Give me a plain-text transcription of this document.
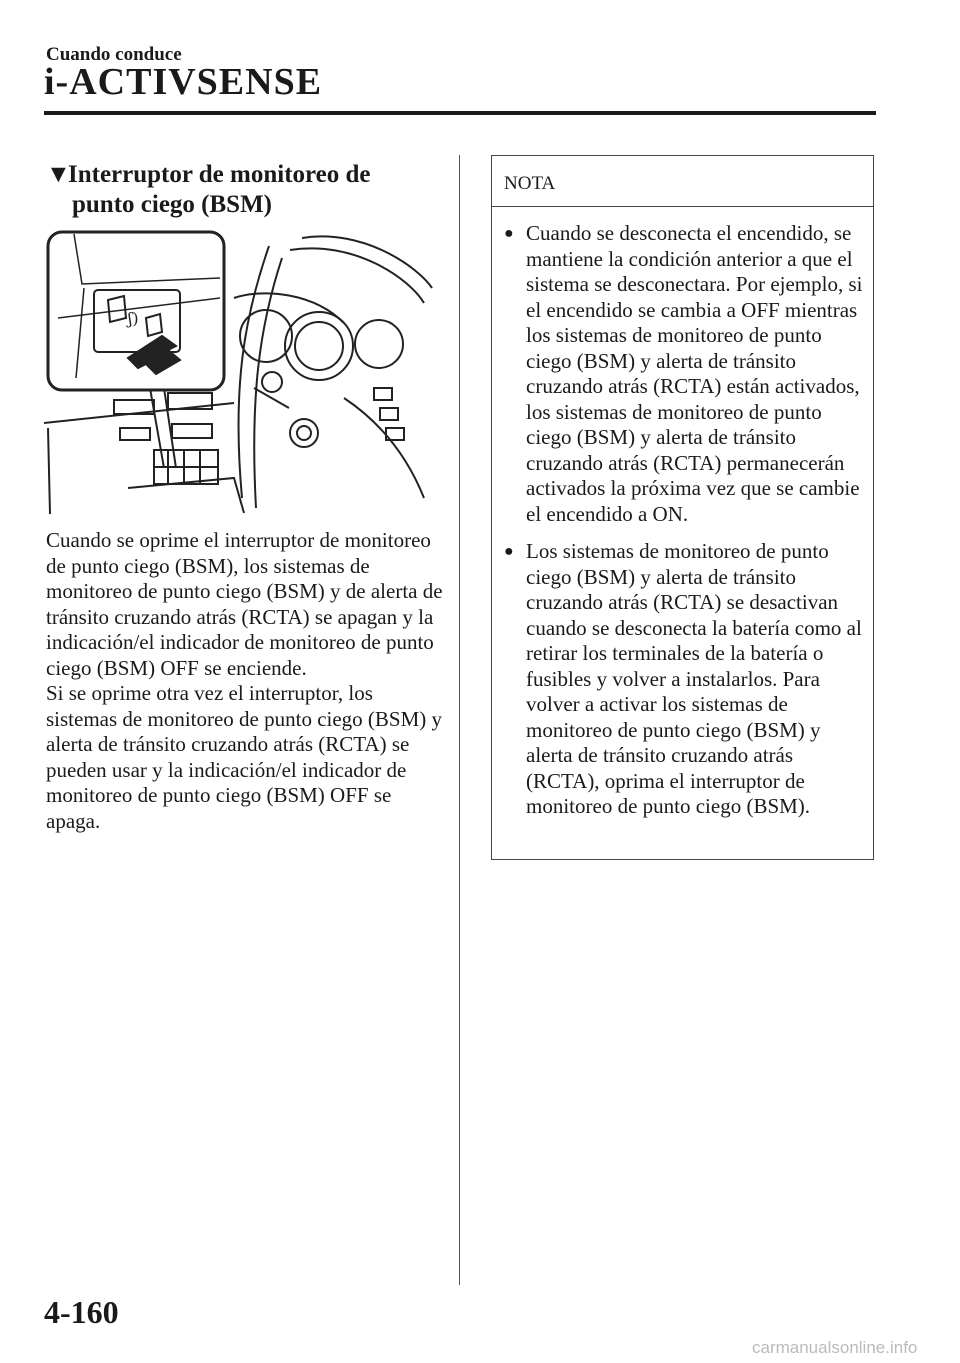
Cuando conduce
i-ACTIVSENSE
▼Interruptor de monitoreo de
punto ciego (BSM)
ʃ)

Cuando se oprime el interruptor de monitoreo de punto ciego (BSM), los sistemas de monitoreo de punto ciego (BSM) y de alerta de tránsito cruzando atrás (RCTA) se apagan y la indicación/el indicador de monitoreo de punto ciego (BSM) OFF se enciende.

Si se oprime otra vez el interruptor, los sistemas de monitoreo de punto ciego (BSM) y alerta de tránsito cruzando atrás (RCTA) se pueden usar y la indicación/el indicador de monitoreo de punto ciego (BSM) OFF se apaga.

NOTA
● Cuando se desconecta el encendido, se mantiene la condición anterior a que el sistema se desconectara. Por ejemplo, si el encendido se cambia a OFF mientras los sistemas de monitoreo de punto ciego (BSM) y alerta de tránsito cruzando atrás (RCTA) están activados, los sistemas de monitoreo de punto ciego (BSM) y alerta de tránsito cruzando atrás (RCTA) permanecerán activados la próxima vez que se cambie el encendido a ON.
● Los sistemas de monitoreo de punto ciego (BSM) y alerta de tránsito cruzando atrás (RCTA) se desactivan cuando se desconecta la batería como al retirar los terminales de la batería o fusibles y volver a instalarlos. Para volver a activar los sistemas de monitoreo de punto ciego (BSM) y alerta de tránsito cruzando atrás (RCTA), oprima el interruptor de monitoreo de punto ciego (BSM).
4-160
carmanualsonline.info
